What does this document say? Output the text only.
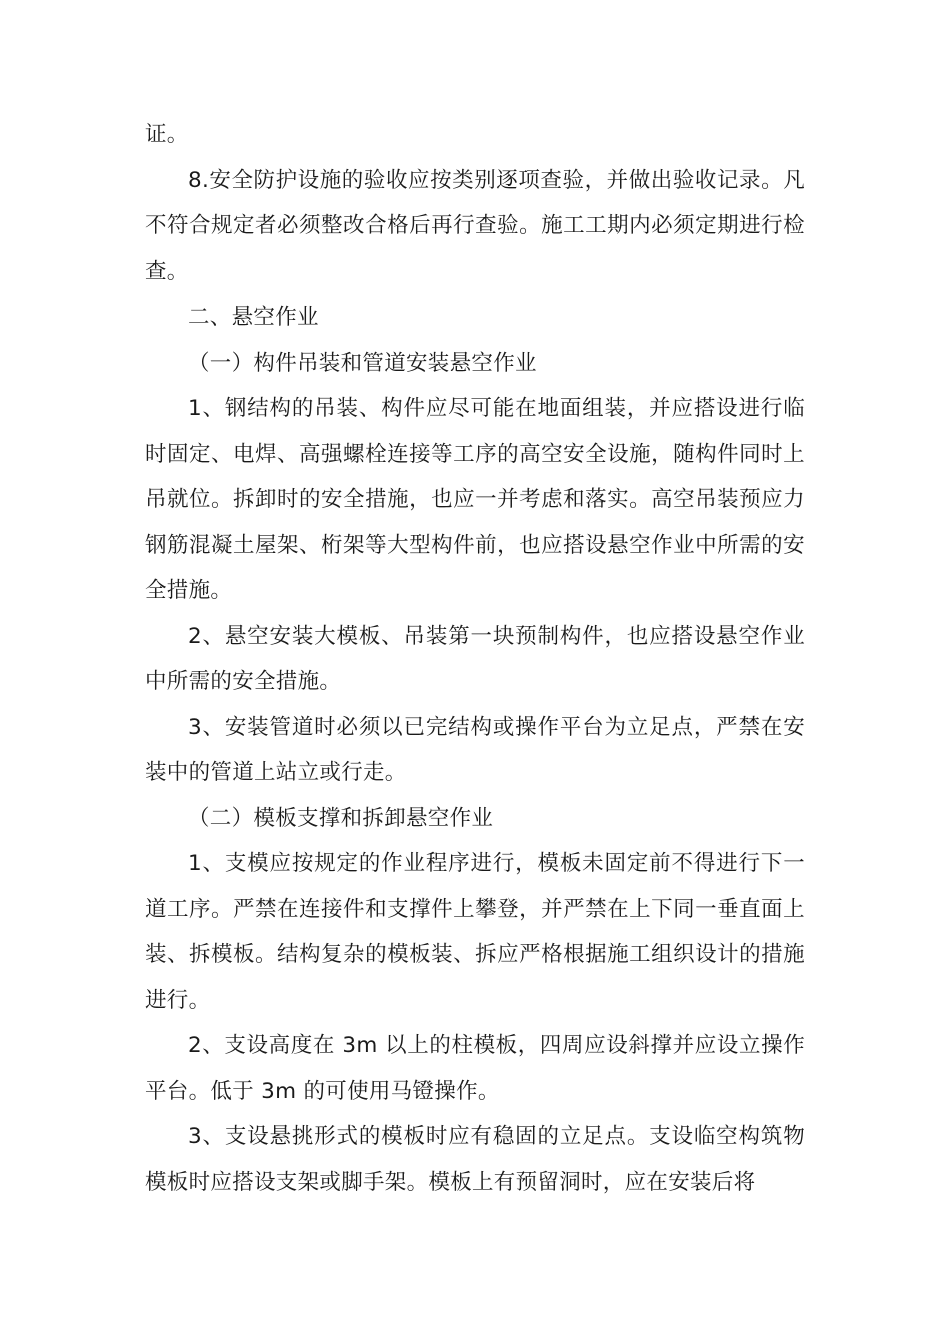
证。

8.安全防护设施的验收应按类别逐项查验，并做出验收记录。凡不符合规定者必须整改合格后再行查验。施工工期内必须定期进行检查。

二、悬空作业

（一）构件吊装和管道安装悬空作业

1、钢结构的吊装、构件应尽可能在地面组装，并应搭设进行临时固定、电焊、高强螺栓连接等工序的高空安全设施，随构件同时上吊就位。拆卸时的安全措施，也应一并考虑和落实。高空吊装预应力钢筋混凝土屋架、桁架等大型构件前，也应搭设悬空作业中所需的安全措施。

2、悬空安装大模板、吊装第一块预制构件，也应搭设悬空作业中所需的安全措施。

3、安装管道时必须以已完结构或操作平台为立足点，严禁在安装中的管道上站立或行走。

（二）模板支撑和拆卸悬空作业

1、支模应按规定的作业程序进行，模板未固定前不得进行下一道工序。严禁在连接件和支撑件上攀登，并严禁在上下同一垂直面上装、拆模板。结构复杂的模板装、拆应严格根据施工组织设计的措施进行。

2、支设高度在 3m 以上的柱模板，四周应设斜撑并应设立操作平台。低于 3m 的可使用马镫操作。

3、支设悬挑形式的模板时应有稳固的立足点。支设临空构筑物模板时应搭设支架或脚手架。模板上有预留洞时，应在安装后将
